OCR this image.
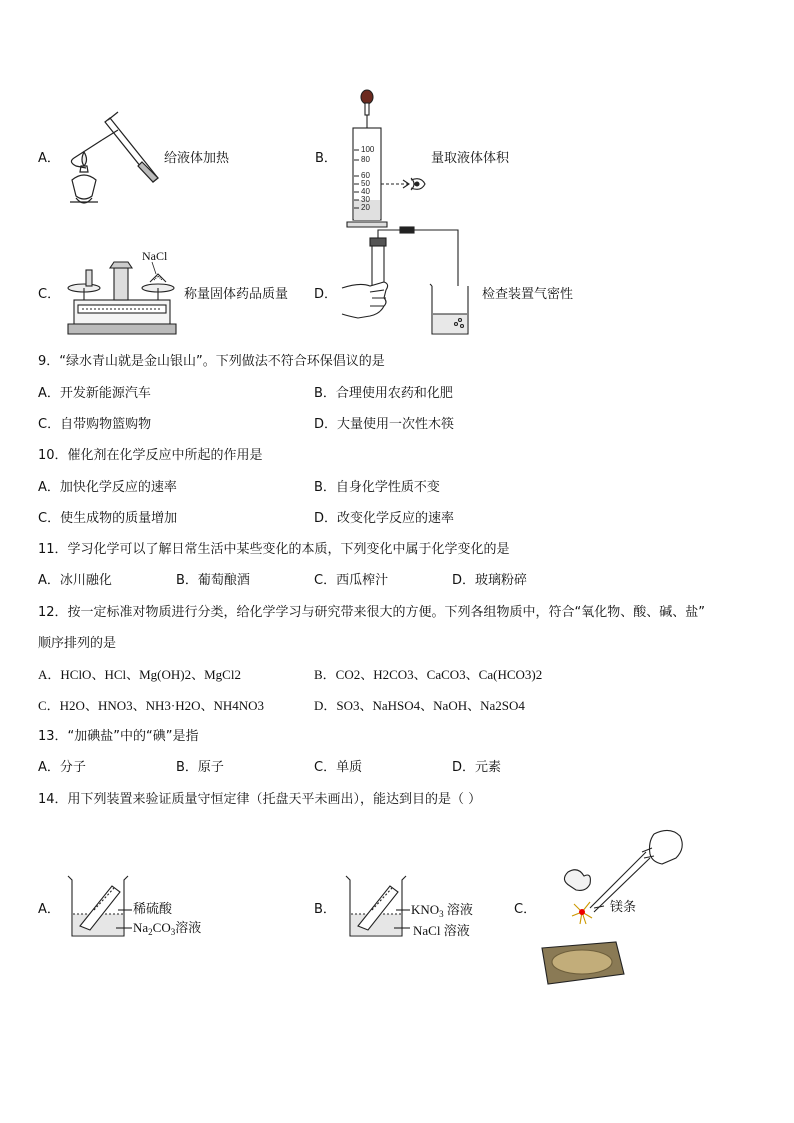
A．	给液体加热	B．
100
80
60
50
40
30
20
量取液体体积
C．
NaCl
称量固体药品质量 D．	检查装置气密性
9．“绿水青山就是金山银山”。下列做法不符合环保倡议的是
A．开发新能源汽车	B．合理使用农药和化肥
C．自带购物篮购物	D．大量使用一次性木筷
10．催化剂在化学反应中所起的作用是
A．加快化学反应的速率	B．自身化学性质不变
C．使生成物的质量增加	D．改变化学反应的速率
11．学习化学可以了解日常生活中某些变化的本质，下列变化中属于化学变化的是
A．冰川融化	B．葡萄酿酒	C．西瓜榨汁	D．玻璃粉碎
12．按一定标准对物质进行分类，给化学学习与研究带来很大的方便。下列各组物质中，符合“氧化物、酸、碱、盐”
顺序排列的是
A．HClO、HCl、Mg(OH)2、MgCl2	B．CO2、H2CO3、CaCO3、Ca(HCO3)2
C．H2O、HNO3、NH3·H2O、NH4NO3	D．SO3、NaHSO4、NaOH、Na2SO4
13．“加碘盐”中的“碘”是指
A．分子	B．原子	C．单质	D．元素
14．用下列装置来验证质量守恒定律（托盘天平未画出），能达到目的是（ ）
A．	稀硫酸
$Na_2CO_3$溶液
B．	$KNO_3$ 溶液
NaCl 溶液
C．	镁条
